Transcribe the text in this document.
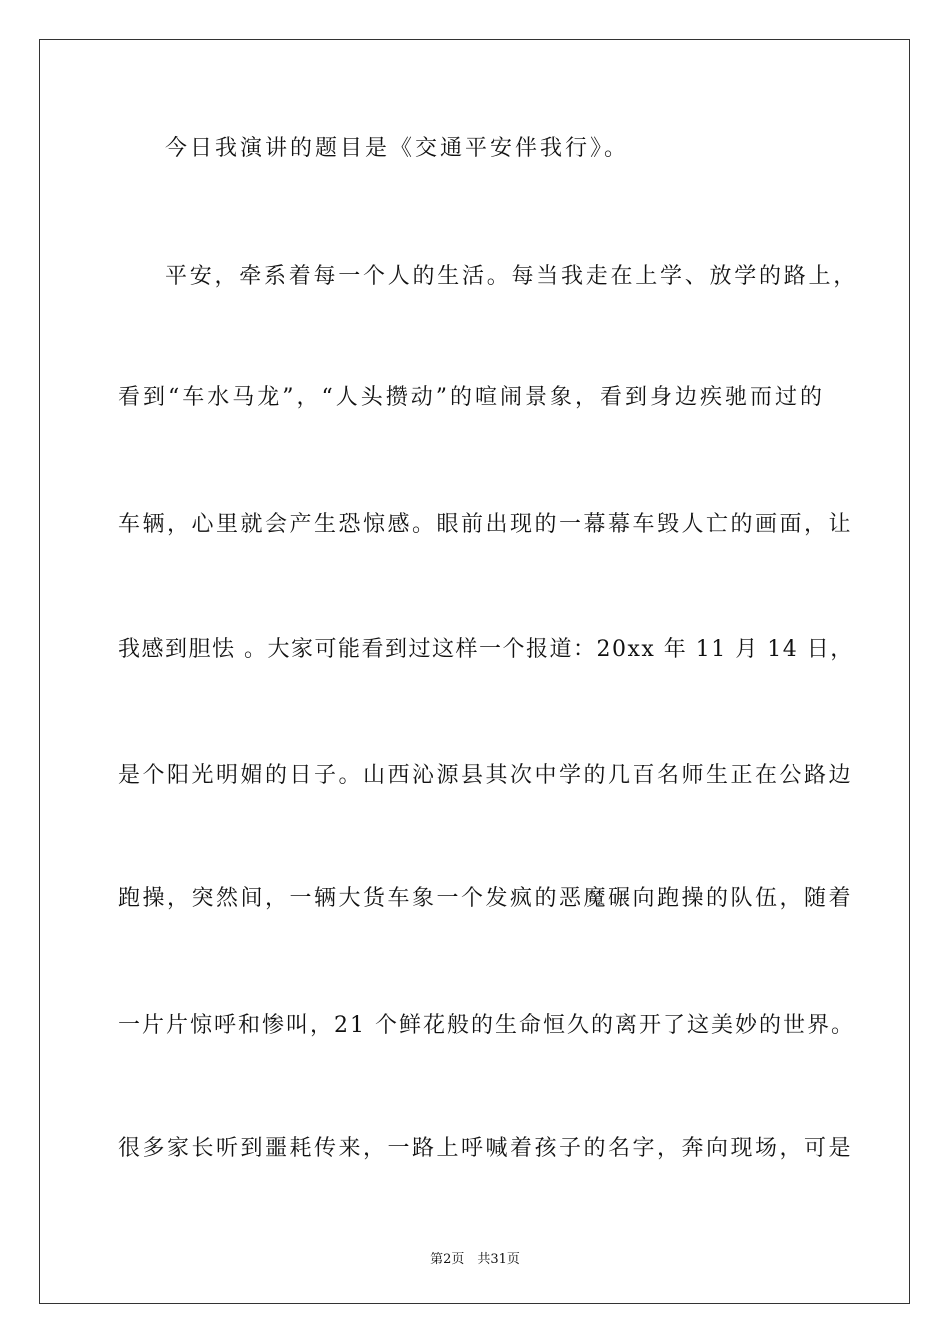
今日我演讲的题目是《交通平安伴我行》。
平安，牵系着每一个人的生活。每当我走在上学、放学的路上，
看到“车水马龙”，“人头攒动”的喧闹景象，看到身边疾驰而过的
车辆，心里就会产生恐惊感。眼前出现的一幕幕车毁人亡的画面，让
我感到胆怯 。大家可能看到过这样一个报道：20xx 年 11 月 14 日，
是个阳光明媚的日子。山西沁源县其次中学的几百名师生正在公路边
跑操，突然间，一辆大货车象一个发疯的恶魔碾向跑操的队伍，随着
一片片惊呼和惨叫，21 个鲜花般的生命恒久的离开了这美妙的世界。
很多家长听到噩耗传来，一路上呼喊着孩子的名字，奔向现场，可是
第2页　共31页
